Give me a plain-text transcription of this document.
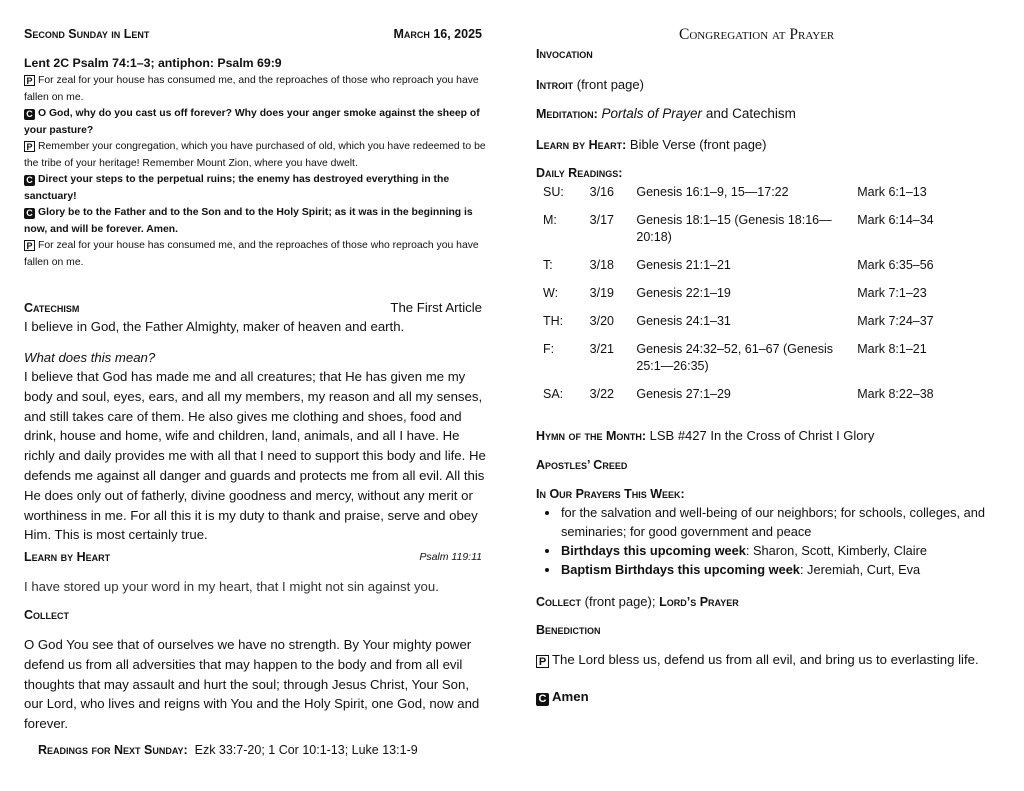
Second Sunday in Lent	March 16, 2025
Lent 2C Psalm 74:1–3; antiphon: Psalm 69:9
P For zeal for your house has consumed me, and the reproaches of those who reproach you have fallen on me.
C O God, why do you cast us off forever? Why does your anger smoke against the sheep of your pasture?
P Remember your congregation, which you have purchased of old, which you have redeemed to be the tribe of your heritage! Remember Mount Zion, where you have dwelt.
C Direct your steps to the perpetual ruins; the enemy has destroyed everything in the sanctuary!
C Glory be to the Father and to the Son and to the Holy Spirit; as it was in the beginning is now, and will be forever. Amen.
P For zeal for your house has consumed me, and the reproaches of those who reproach you have fallen on me.
Catechism	The First Article
I believe in God, the Father Almighty, maker of heaven and earth.
What does this mean?
I believe that God has made me and all creatures; that He has given me my body and soul, eyes, ears, and all my members, my reason and all my senses, and still takes care of them. He also gives me clothing and shoes, food and drink, house and home, wife and children, land, animals, and all I have. He richly and daily provides me with all that I need to support this body and life. He defends me against all danger and guards and protects me from all evil. All this He does only out of fatherly, divine goodness and mercy, without any merit or worthiness in me. For all this it is my duty to thank and praise, serve and obey Him. This is most certainly true.
Learn by Heart	Psalm 119:11
I have stored up your word in my heart, that I might not sin against you.
Collect
O God You see that of ourselves we have no strength. By Your mighty power defend us from all adversities that may happen to the body and from all evil thoughts that may assault and hurt the soul; through Jesus Christ, Your Son, our Lord, who lives and reigns with You and the Holy Spirit, one God, now and forever.
Readings for Next Sunday: Ezk 33:7-20; 1 Cor 10:1-13; Luke 13:1-9
Congregation at Prayer
Invocation
Introit (front page)
Meditation: Portals of Prayer and Catechism
Learn by Heart: Bible Verse (front page)
Daily Readings:
SU:	3/16	Genesis 16:1–9, 15—17:22	Mark 6:1–13
M:	3/17	Genesis 18:1–15 (Genesis 18:16—20:18)	Mark 6:14–34
T:	3/18	Genesis 21:1–21	Mark 6:35–56
W:	3/19	Genesis 22:1–19	Mark 7:1–23
TH:	3/20	Genesis 24:1–31	Mark 7:24–37
F:	3/21	Genesis 24:32–52, 61–67 (Genesis 25:1—26:35)	Mark 8:1–21
SA:	3/22	Genesis 27:1–29	Mark 8:22–38
Hymn of the Month: LSB #427 In the Cross of Christ I Glory
Apostles’ Creed
In Our Prayers This Week:
• for the salvation and well-being of our neighbors; for schools, colleges, and seminaries; for good government and peace
• Birthdays this upcoming week: Sharon, Scott, Kimberly, Claire
• Baptism Birthdays this upcoming week: Jeremiah, Curt, Eva
Collect (front page); Lord’s Prayer
Benediction
P The Lord bless us, defend us from all evil, and bring us to everlasting life.
C Amen
